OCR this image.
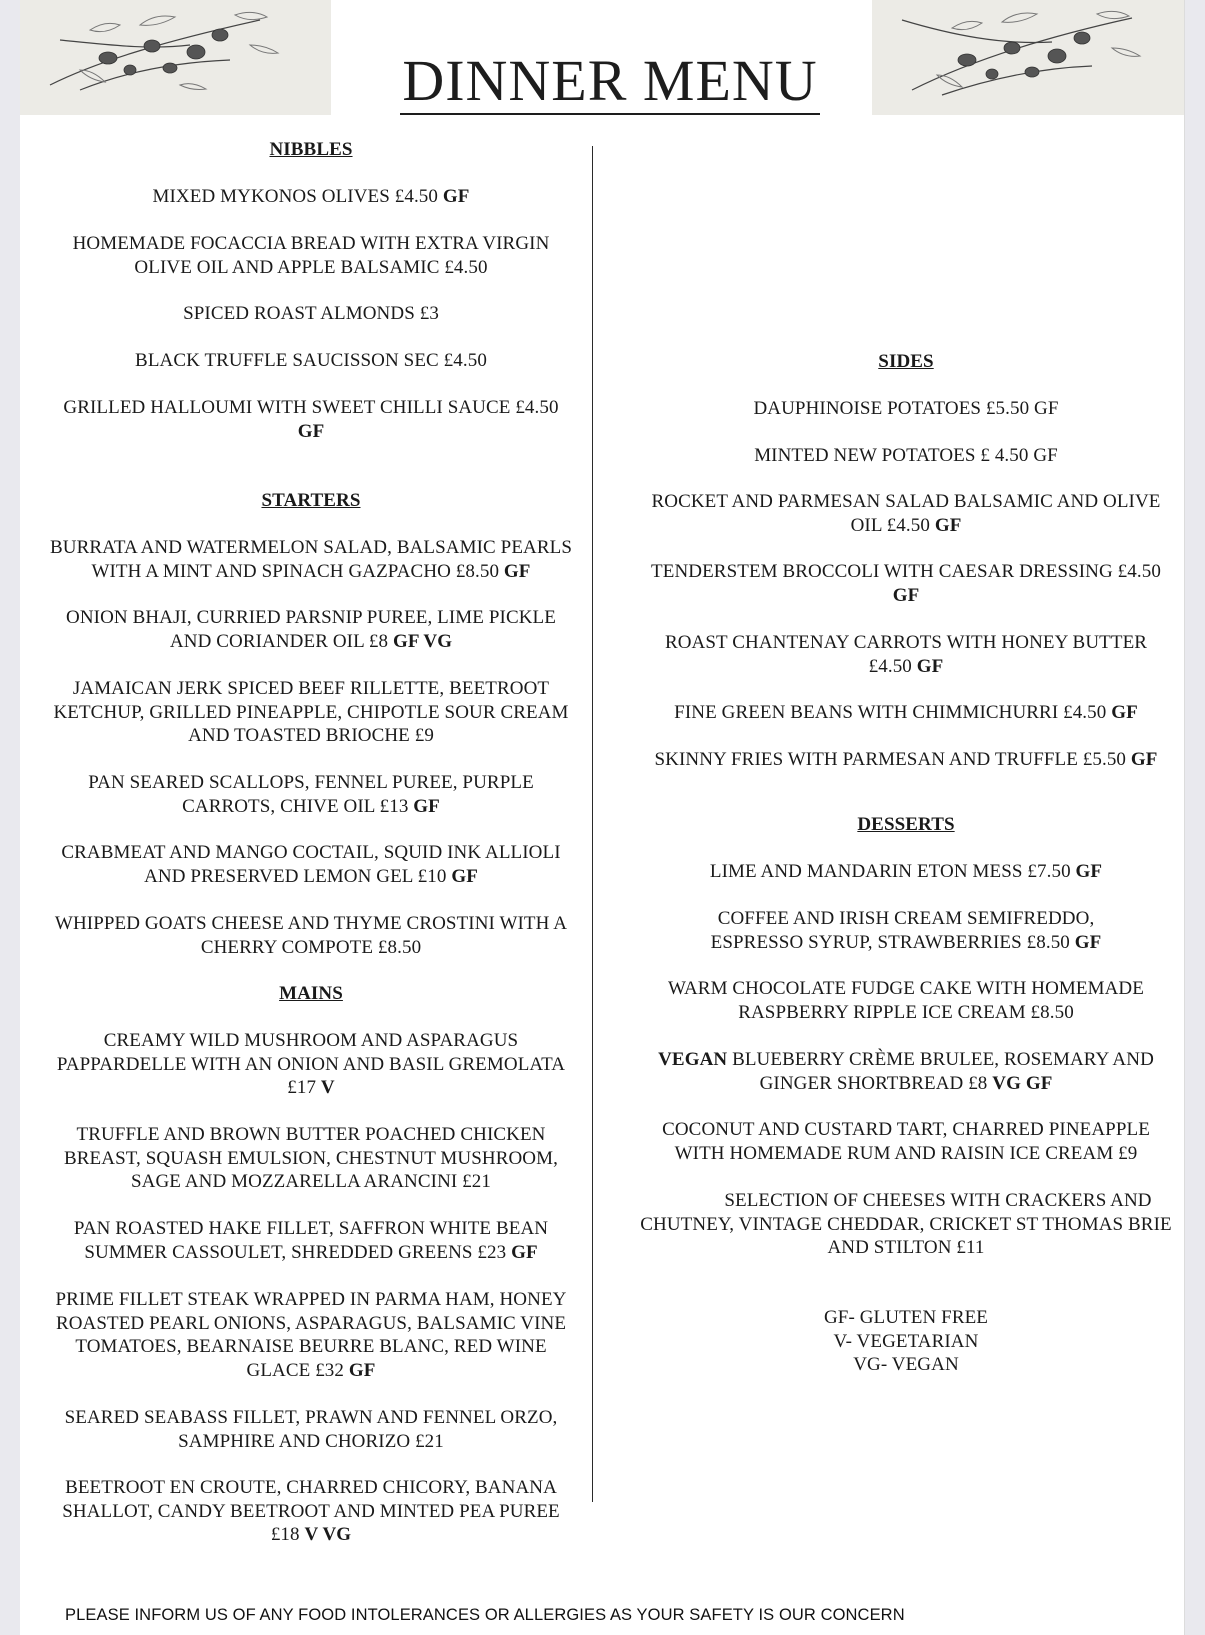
DINNER MENU
NIBBLES
MIXED MYKONOS OLIVES £4.50 GF
HOMEMADE FOCACCIA BREAD WITH EXTRA VIRGIN
OLIVE OIL AND APPLE BALSAMIC £4.50
SPICED ROAST ALMONDS £3
BLACK TRUFFLE SAUCISSON SEC £4.50
GRILLED HALLOUMI WITH SWEET CHILLI SAUCE £4.50
GF
STARTERS
BURRATA AND WATERMELON SALAD, BALSAMIC PEARLS
WITH A MINT AND SPINACH GAZPACHO £8.50 GF
ONION BHAJI, CURRIED PARSNIP PUREE, LIME PICKLE
AND CORIANDER OIL £8 GF VG
JAMAICAN JERK SPICED BEEF RILLETTE, BEETROOT
KETCHUP, GRILLED PINEAPPLE, CHIPOTLE SOUR CREAM
AND TOASTED BRIOCHE £9
PAN SEARED SCALLOPS, FENNEL PUREE, PURPLE
CARROTS, CHIVE OIL £13 GF
CRABMEAT AND MANGO COCTAIL, SQUID INK ALLIOLI
AND PRESERVED LEMON GEL £10 GF
WHIPPED GOATS CHEESE AND THYME CROSTINI WITH A
CHERRY COMPOTE £8.50
MAINS
CREAMY WILD MUSHROOM AND ASPARAGUS
PAPPARDELLE WITH AN ONION AND BASIL GREMOLATA
£17 V
TRUFFLE AND BROWN BUTTER POACHED CHICKEN
BREAST, SQUASH EMULSION, CHESTNUT MUSHROOM,
SAGE AND MOZZARELLA ARANCINI £21
PAN ROASTED HAKE FILLET, SAFFRON WHITE BEAN
SUMMER CASSOULET, SHREDDED GREENS £23 GF
PRIME FILLET STEAK WRAPPED IN PARMA HAM, HONEY
ROASTED PEARL ONIONS, ASPARAGUS, BALSAMIC VINE
TOMATOES, BEARNAISE BEURRE BLANC, RED WINE
GLACE £32 GF
SEARED SEABASS FILLET, PRAWN AND FENNEL ORZO,
SAMPHIRE AND CHORIZO £21
BEETROOT EN CROUTE, CHARRED CHICORY, BANANA
SHALLOT, CANDY BEETROOT AND MINTED PEA PUREE
£18 V VG
SIDES
DAUPHINOISE POTATOES £5.50 GF
MINTED NEW POTATOES £ 4.50 GF
ROCKET AND PARMESAN SALAD BALSAMIC AND OLIVE
OIL £4.50 GF
TENDERSTEM BROCCOLI WITH CAESAR DRESSING £4.50
GF
ROAST CHANTENAY CARROTS WITH HONEY BUTTER
£4.50 GF
FINE GREEN BEANS WITH CHIMMICHURRI £4.50 GF
SKINNY FRIES WITH PARMESAN AND TRUFFLE £5.50 GF
DESSERTS
LIME AND MANDARIN ETON MESS £7.50 GF
COFFEE AND IRISH CREAM SEMIFREDDO,
ESPRESSO SYRUP, STRAWBERRIES £8.50 GF
WARM CHOCOLATE FUDGE CAKE WITH HOMEMADE
RASPBERRY RIPPLE ICE CREAM £8.50
VEGAN BLUEBERRY CRÈME BRULEE, ROSEMARY AND
GINGER SHORTBREAD £8 VG GF
COCONUT AND CUSTARD TART, CHARRED PINEAPPLE
WITH HOMEMADE RUM AND RAISIN ICE CREAM £9
SELECTION OF CHEESES WITH CRACKERS AND
CHUTNEY, VINTAGE CHEDDAR, CRICKET ST THOMAS BRIE
AND STILTON £11
GF- GLUTEN FREE
V- VEGETARIAN
VG- VEGAN
PLEASE INFORM US OF ANY FOOD INTOLERANCES OR ALLERGIES AS YOUR SAFETY IS OUR CONCERN
